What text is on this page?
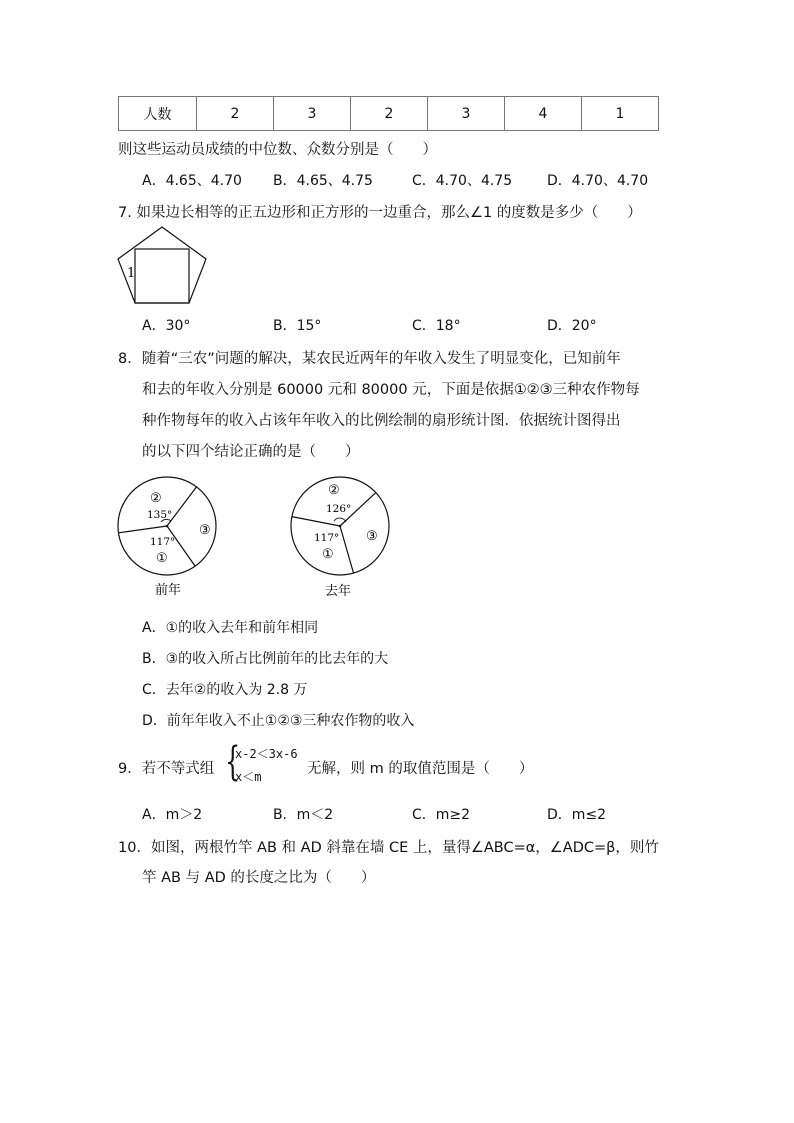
人数	2	3	2	3	4	1
则这些运动员成绩的中位数、众数分别是（　　）
A．4.65、4.70 B．4.65、4.75	C．4.70、4.75 D．4.70、4.70
7. 如果边长相等的正五边形和正方形的一边重合，那么∠1 的度数是多少（　　）
1
A．30°	B．15°	C．18°	D．20°
8．随着“三农”问题的解决，某农民近两年的年收入发生了明显变化，已知前年
和去的年收入分别是 60000 元和 80000 元，下面是依据①②③三种农作物每
种作物每年的收入占该年年收入的比例绘制的扇形统计图．依据统计图得出
的以下四个结论正确的是（　　）
②
135°
117°
①
③
前年
②
126°
117°
①
③
去年
A．①的收入去年和前年相同
B．③的收入所占比例前年的比去年的大
C．去年②的收入为 2.8 万
D．前年年收入不止①②③三种农作物的收入
9．若不等式组 {
x-2＜3x-6
x＜m	无解，则 m 的取值范围是（　　）
A．m＞2	B．m＜2	C．m≥2	D．m≤2
10．如图，两根竹竿 AB 和 AD 斜靠在墙 CE 上，量得∠ABC=α，∠ADC=β，则竹
竿 AB 与 AD 的长度之比为（　　）
